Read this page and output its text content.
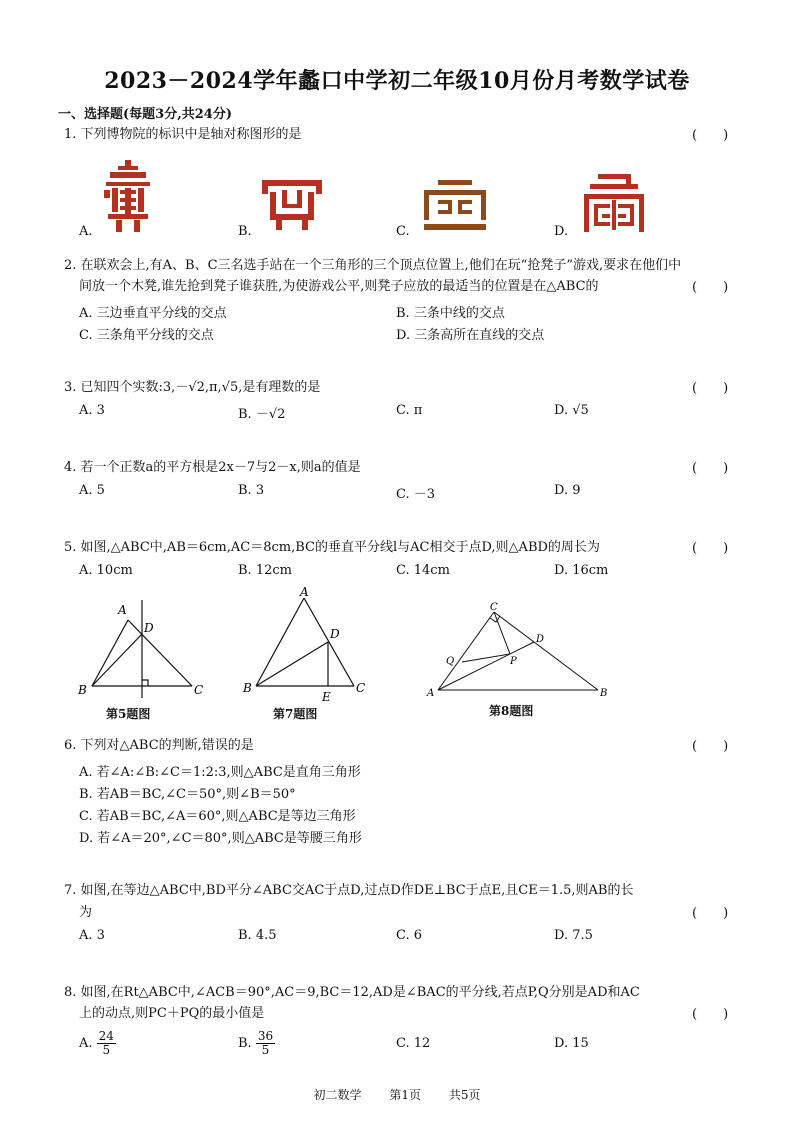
2023－2024学年蠡口中学初二年级10月份月考数学试卷
一、选择题(每题3分,共24分)
1. 下列博物院的标识中是轴对称图形的是	(　　)
A.	B.	C.	D.
2. 在联欢会上,有A、B、C三名选手站在一个三角形的三个顶点位置上,他们在玩“抢凳子”游戏,要求在他们中
间放一个木凳,谁先抢到凳子谁获胜,为使游戏公平,则凳子应放的最适当的位置是在△ABC的	(　　)
A. 三边垂直平分线的交点	B. 三条中线的交点
C. 三条角平分线的交点	D. 三条高所在直线的交点
3. 已知四个实数:3,－√2,π,√5,是有理数的是	(　　)
A. 3	B. －√2	C. π	D. √5
4. 若一个正数a的平方根是2x－7与2－x,则a的值是	(　　)
A. 5	B. 3	C. －3	D. 9
5. 如图,△ABC中,AB＝6cm,AC＝8cm,BC的垂直平分线l与AC相交于点D,则△ABD的周长为	(　　)
A. 10cm	B. 12cm	C. 14cm	D. 16cm
A
D
B	C
第5题图
A
D
B	C
E
第7题图
C
D
P
Q
A	B
第8题图
6. 下列对△ABC的判断,错误的是	(　　)
A. 若∠A:∠B:∠C＝1:2:3,则△ABC是直角三角形
B. 若AB＝BC,∠C＝50°,则∠B＝50°
C. 若AB＝BC,∠A＝60°,则△ABC是等边三角形
D. 若∠A＝20°,∠C＝80°,则△ABC是等腰三角形
7. 如图,在等边△ABC中,BD平分∠ABC交AC于点D,过点D作DE⊥BC于点E,且CE＝1.5,则AB的长
为	(　　)
A. 3	B. 4.5	C. 6	D. 7.5
8. 如图,在Rt△ABC中,∠ACB＝90°,AC＝9,BC＝12,AD是∠BAC的平分线,若点P,Q分别是AD和AC
上的动点,则PC＋PQ的最小值是	(　　)
A. $\frac{24}{5}$	B. $\frac{36}{5}$	C. 12	D. 15
初二数学 第1页 共5页
